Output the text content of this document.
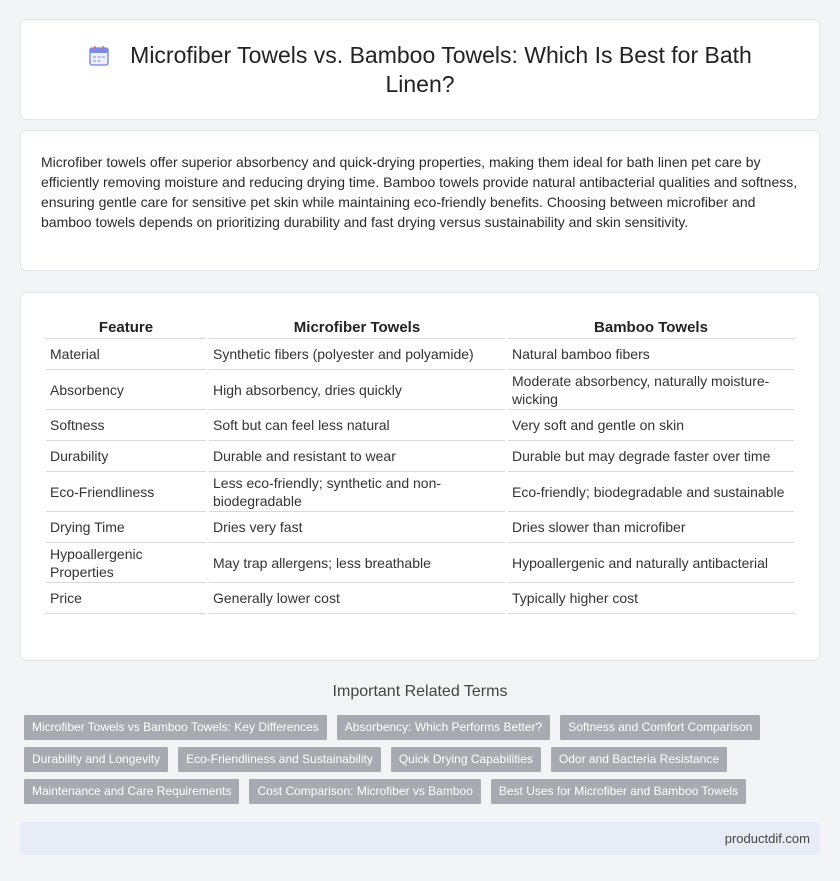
Microfiber Towels vs. Bamboo Towels: Which Is Best for Bath Linen?

Microfiber towels offer superior absorbency and quick-drying properties, making them ideal for bath linen pet care by efficiently removing moisture and reducing drying time. Bamboo towels provide natural antibacterial qualities and softness, ensuring gentle care for sensitive pet skin while maintaining eco-friendly benefits. Choosing between microfiber and bamboo towels depends on prioritizing durability and fast drying versus sustainability and skin sensitivity.

Feature	Microfiber Towels	Bamboo Towels
Material	Synthetic fibers (polyester and polyamide)	Natural bamboo fibers
Absorbency	High absorbency, dries quickly	Moderate absorbency, naturally moisture-wicking
Softness	Soft but can feel less natural	Very soft and gentle on skin
Durability	Durable and resistant to wear	Durable but may degrade faster over time
Eco-Friendliness	Less eco-friendly; synthetic and non-biodegradable	Eco-friendly; biodegradable and sustainable
Drying Time	Dries very fast	Dries slower than microfiber
Hypoallergenic Properties	May trap allergens; less breathable	Hypoallergenic and naturally antibacterial
Price	Generally lower cost	Typically higher cost
Important Related Terms
Microfiber Towels vs Bamboo Towels: Key Differences	Absorbency: Which Performs Better?	Softness and Comfort Comparison
Durability and Longevity	Eco-Friendliness and Sustainability	Quick Drying Capabilities	Odor and Bacteria Resistance
Maintenance and Care Requirements	Cost Comparison: Microfiber vs Bamboo	Best Uses for Microfiber and Bamboo Towels
productdif.com
